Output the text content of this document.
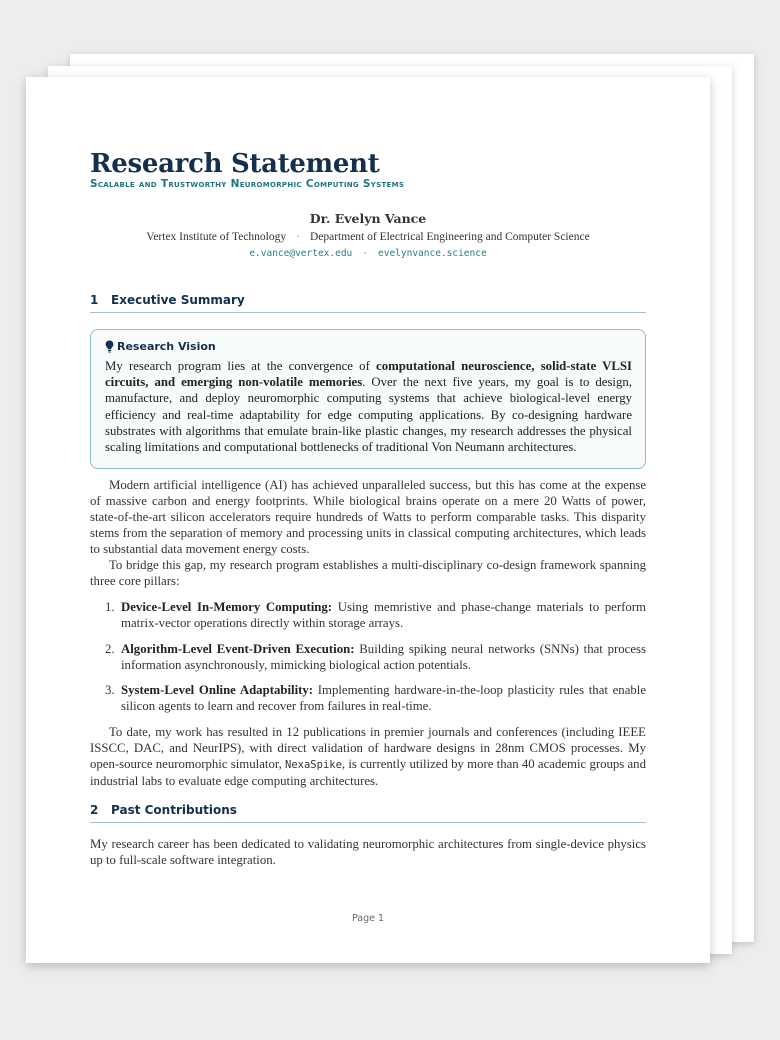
Research Statement
Scalable and Trustworthy Neuromorphic Computing Systems
Dr. Evelyn Vance
Vertex Institute of Technology · Department of Electrical Engineering and Computer Science
e.vance@vertex.edu · evelynvance.science
1 Executive Summary
Research Vision
My research program lies at the convergence of computational neuroscience, solid-state VLSI circuits, and emerging non-volatile memories. Over the next five years, my goal is to design, manufacture, and deploy neuromorphic computing systems that achieve biological-level energy efficiency and real-time adaptability for edge computing applications. By co-designing hardware substrates with algorithms that emulate brain-like plastic changes, my research addresses the physical scaling limitations and computational bottlenecks of traditional Von Neumann architectures.

Modern artificial intelligence (AI) has achieved unparalleled success, but this has come at the expense of massive carbon and energy footprints. While biological brains operate on a mere 20 Watts of power, state-of-the-art silicon accelerators require hundreds of Watts to perform comparable tasks. This disparity stems from the separation of memory and processing units in classical computing architectures, which leads to substantial data movement energy costs.

To bridge this gap, my research program establishes a multi-disciplinary co-design framework spanning three core pillars:

1. Device-Level In-Memory Computing: Using memristive and phase-change materials to perform matrix-vector operations directly within storage arrays.
2. Algorithm-Level Event-Driven Execution: Building spiking neural networks (SNNs) that process information asynchronously, mimicking biological action potentials.
3. System-Level Online Adaptability: Implementing hardware-in-the-loop plasticity rules that enable silicon agents to learn and recover from failures in real-time.

To date, my work has resulted in 12 publications in premier journals and conferences (including IEEE ISSCC, DAC, and NeurIPS), with direct validation of hardware designs in 28nm CMOS processes. My open-source neuromorphic simulator, NexaSpike, is currently utilized by more than 40 academic groups and industrial labs to evaluate edge computing architectures.

2 Past Contributions

My research career has been dedicated to validating neuromorphic architectures from single-device physics up to full-scale software integration.

Page 1
